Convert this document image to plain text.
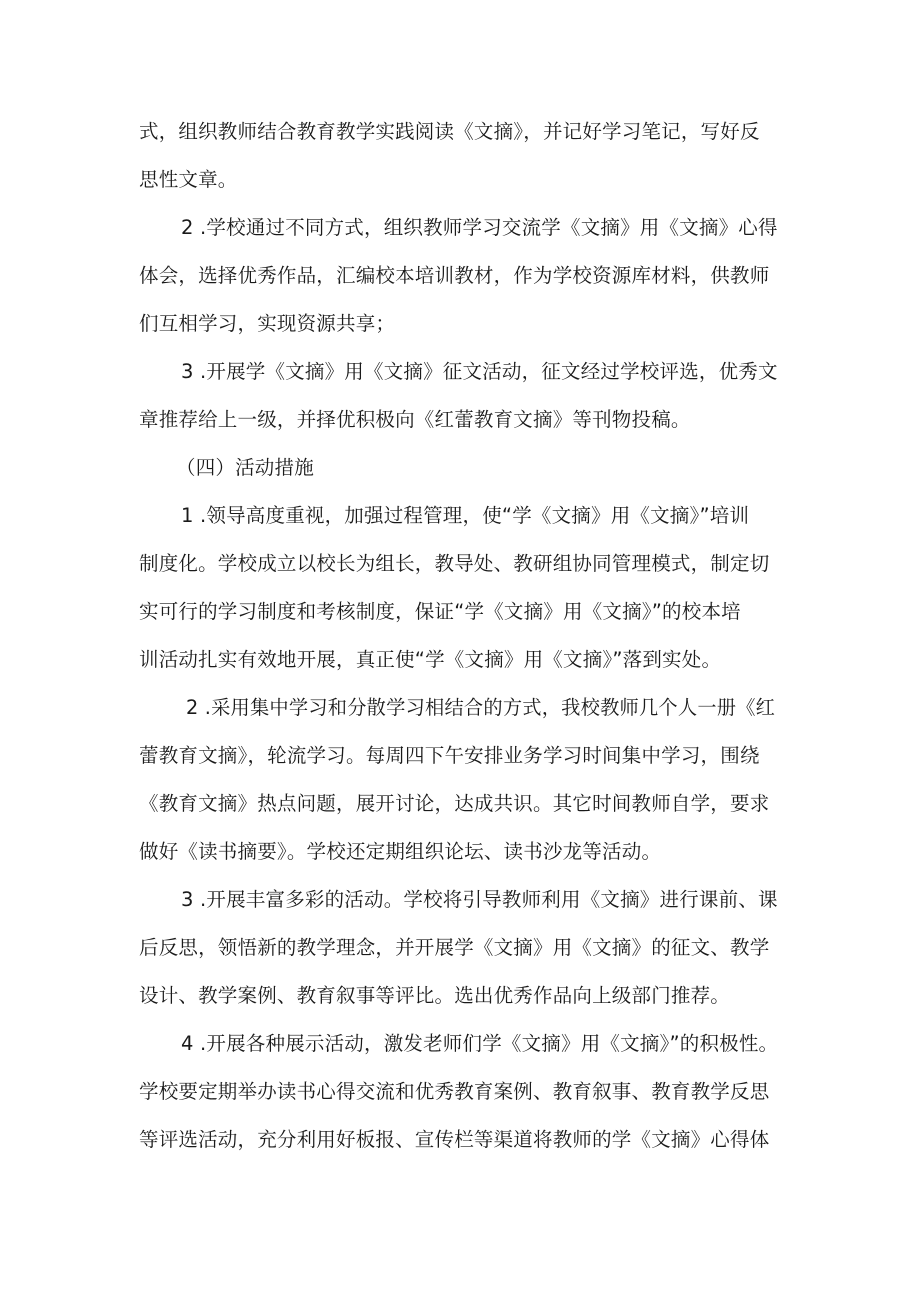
式，组织教师结合教育教学实践阅读《文摘》，并记好学习笔记，写好反
思性文章。
2 .学校通过不同方式，组织教师学习交流学《文摘》用《文摘》心得
体会，选择优秀作品，汇编校本培训教材，作为学校资源库材料，供教师
们互相学习，实现资源共享；
3 .开展学《文摘》用《文摘》征文活动，征文经过学校评选，优秀文
章推荐给上一级，并择优积极向《红蕾教育文摘》等刊物投稿。
（四）活动措施
1 .领导高度重视，加强过程管理，使“学《文摘》用《文摘》”培训
制度化。学校成立以校长为组长，教导处、教研组协同管理模式，制定切
实可行的学习制度和考核制度，保证“学《文摘》用《文摘》”的校本培
训活动扎实有效地开展，真正使“学《文摘》用《文摘》”落到实处。
2 .采用集中学习和分散学习相结合的方式，我校教师几个人一册《红
蕾教育文摘》，轮流学习。每周四下午安排业务学习时间集中学习，围绕
《教育文摘》热点问题，展开讨论，达成共识。其它时间教师自学，要求
做好《读书摘要》。学校还定期组织论坛、读书沙龙等活动。
3 .开展丰富多彩的活动。学校将引导教师利用《文摘》进行课前、课
后反思，领悟新的教学理念，并开展学《文摘》用《文摘》的征文、教学
设计、教学案例、教育叙事等评比。选出优秀作品向上级部门推荐。
4 .开展各种展示活动，激发老师们学《文摘》用《文摘》”的积极性。
学校要定期举办读书心得交流和优秀教育案例、教育叙事、教育教学反思
等评选活动，充分利用好板报、宣传栏等渠道将教师的学《文摘》心得体
